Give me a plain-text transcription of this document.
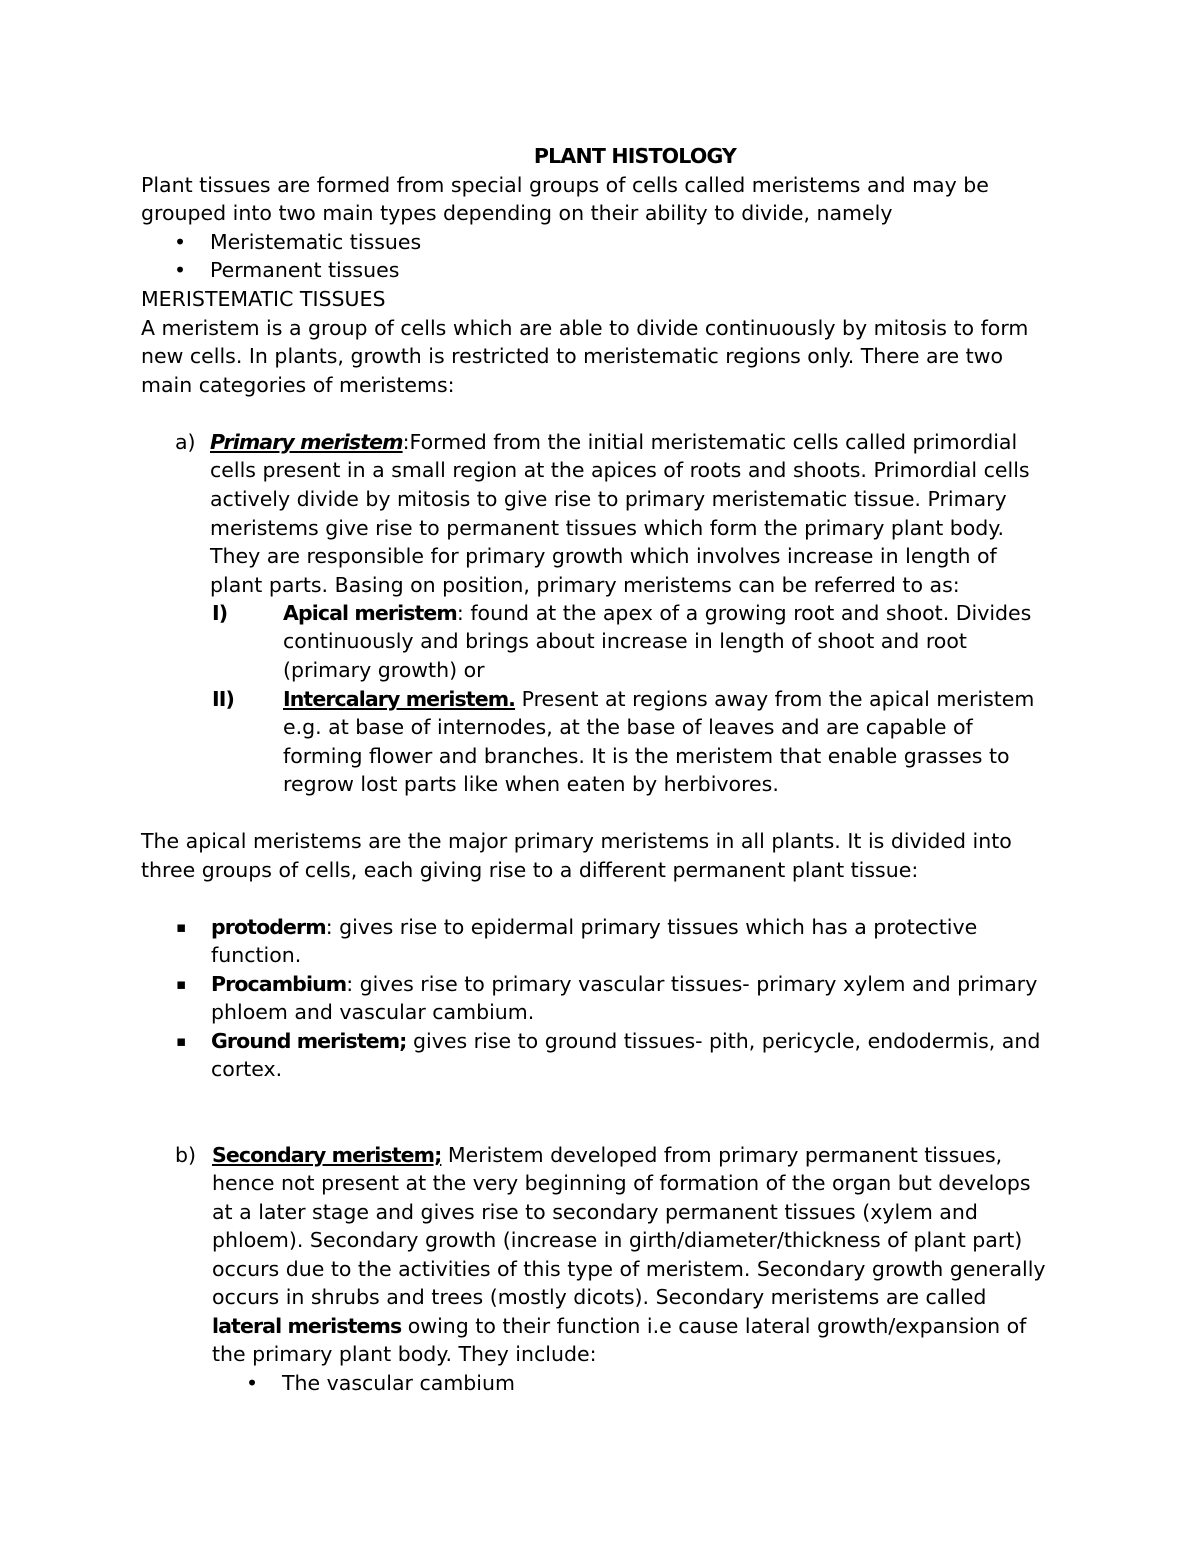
PLANT HISTOLOGY
Plant tissues are formed from special groups of cells called meristems and may be
grouped into two main types depending on their ability to divide, namely
• Meristematic tissues
• Permanent tissues
MERISTEMATIC TISSUES
A meristem is a group of cells which are able to divide continuously by mitosis to form
new cells. In plants, growth is restricted to meristematic regions only. There are two
main categories of meristems:
a) Primary meristem:Formed from the initial meristematic cells called primordial
cells present in a small region at the apices of roots and shoots. Primordial cells
actively divide by mitosis to give rise to primary meristematic tissue. Primary
meristems give rise to permanent tissues which form the primary plant body.
They are responsible for primary growth which involves increase in length of
plant parts. Basing on position, primary meristems can be referred to as:
I)	Apical meristem: found at the apex of a growing root and shoot. Divides
continuously and brings about increase in length of shoot and root
(primary growth) or
II) Intercalary meristem. Present at regions away from the apical meristem
e.g. at base of internodes, at the base of leaves and are capable of
forming flower and branches. It is the meristem that enable grasses to
regrow lost parts like when eaten by herbivores.
The apical meristems are the major primary meristems in all plants. It is divided into
three groups of cells, each giving rise to a different permanent plant tissue:
▪ protoderm: gives rise to epidermal primary tissues which has a protective
function.
▪ Procambium: gives rise to primary vascular tissues- primary xylem and primary
phloem and vascular cambium.
▪ Ground meristem; gives rise to ground tissues- pith, pericycle, endodermis, and
cortex.
b) Secondary meristem; Meristem developed from primary permanent tissues,
hence not present at the very beginning of formation of the organ but develops
at a later stage and gives rise to secondary permanent tissues (xylem and
phloem). Secondary growth (increase in girth/diameter/thickness of plant part)
occurs due to the activities of this type of meristem. Secondary growth generally
occurs in shrubs and trees (mostly dicots). Secondary meristems are called
lateral meristems owing to their function i.e cause lateral growth/expansion of
the primary plant body. They include:
• The vascular cambium
